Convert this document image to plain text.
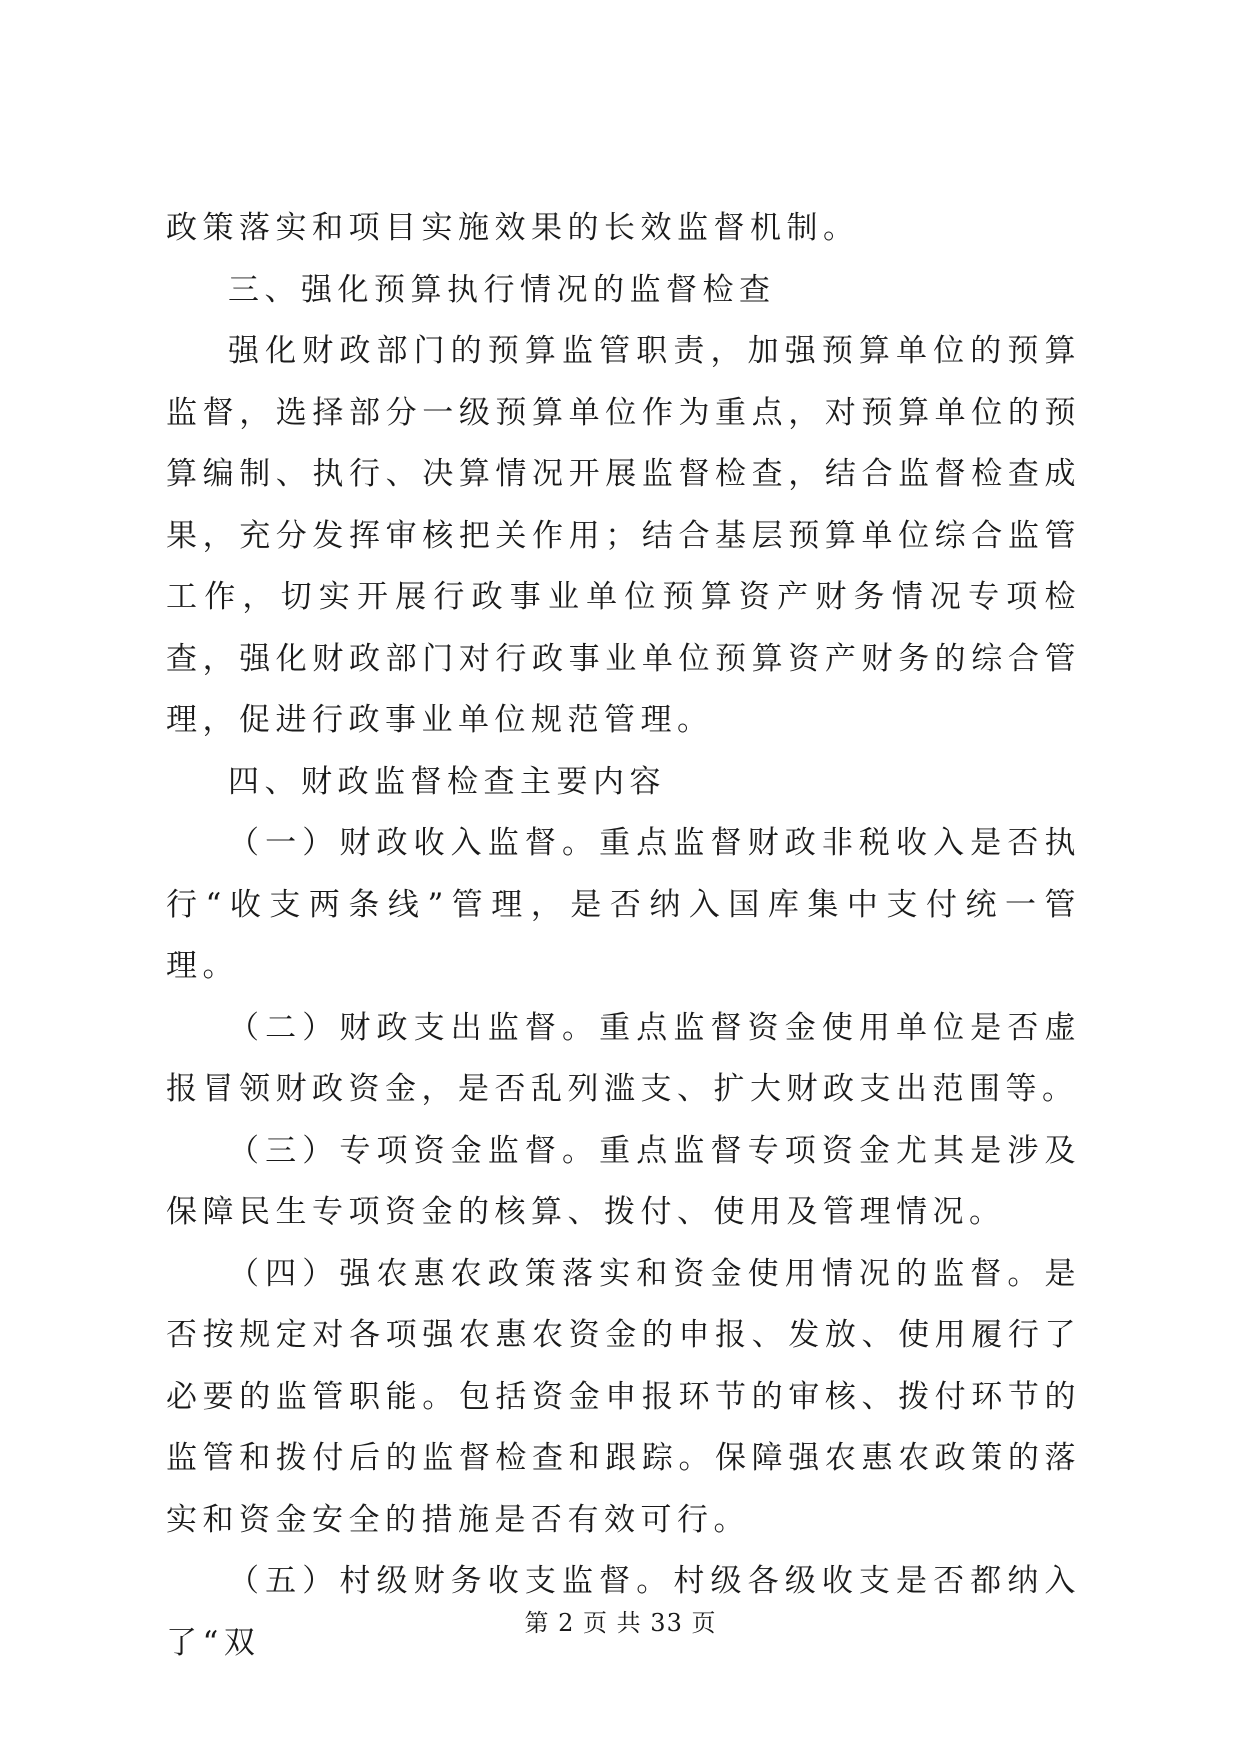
政策落实和项目实施效果的长效监督机制。

三、强化预算执行情况的监督检查

强化财政部门的预算监管职责，加强预算单位的预算监督，选择部分一级预算单位作为重点，对预算单位的预算编制、执行、决算情况开展监督检查，结合监督检查成果，充分发挥审核把关作用；结合基层预算单位综合监管工作，切实开展行政事业单位预算资产财务情况专项检查，强化财政部门对行政事业单位预算资产财务的综合管理，促进行政事业单位规范管理。

四、财政监督检查主要内容

（一）财政收入监督。重点监督财政非税收入是否执行“收支两条线”管理，是否纳入国库集中支付统一管理。

（二）财政支出监督。重点监督资金使用单位是否虚报冒领财政资金，是否乱列滥支、扩大财政支出范围等。

（三）专项资金监督。重点监督专项资金尤其是涉及保障民生专项资金的核算、拨付、使用及管理情况。

（四）强农惠农政策落实和资金使用情况的监督。是否按规定对各项强农惠农资金的申报、发放、使用履行了必要的监管职能。包括资金申报环节的审核、拨付环节的监管和拨付后的监督检查和跟踪。保障强农惠农政策的落实和资金安全的措施是否有效可行。

（五）村级财务收支监督。村级各级收支是否都纳入了“双

第 2 页 共 33 页
